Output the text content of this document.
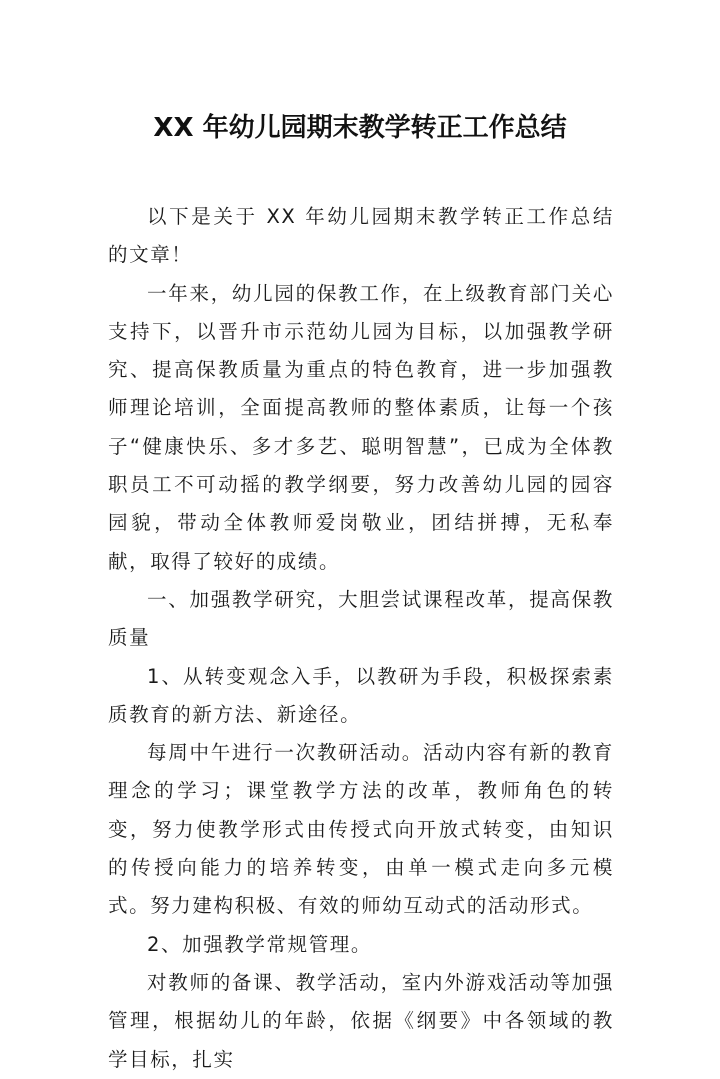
XX 年幼儿园期末教学转正工作总结

以下是关于 XX 年幼儿园期末教学转正工作总结的文章！

一年来，幼儿园的保教工作，在上级教育部门关心支持下，以晋升市示范幼儿园为目标，以加强教学研究、提高保教质量为重点的特色教育，进一步加强教师理论培训，全面提高教师的整体素质，让每一个孩子“健康快乐、多才多艺、聪明智慧”，已成为全体教职员工不可动摇的教学纲要，努力改善幼儿园的园容园貌，带动全体教师爱岗敬业，团结拼搏，无私奉献，取得了较好的成绩。

一、加强教学研究，大胆尝试课程改革，提高保教质量

1、从转变观念入手，以教研为手段，积极探索素质教育的新方法、新途径。

每周中午进行一次教研活动。活动内容有新的教育理念的学习；课堂教学方法的改革，教师角色的转变，努力使教学形式由传授式向开放式转变，由知识的传授向能力的培养转变，由单一模式走向多元模式。努力建构积极、有效的师幼互动式的活动形式。

2、加强教学常规管理。

对教师的备课、教学活动，室内外游戏活动等加强管理，根据幼儿的年龄，依据《纲要》中各领域的教学目标，扎实
